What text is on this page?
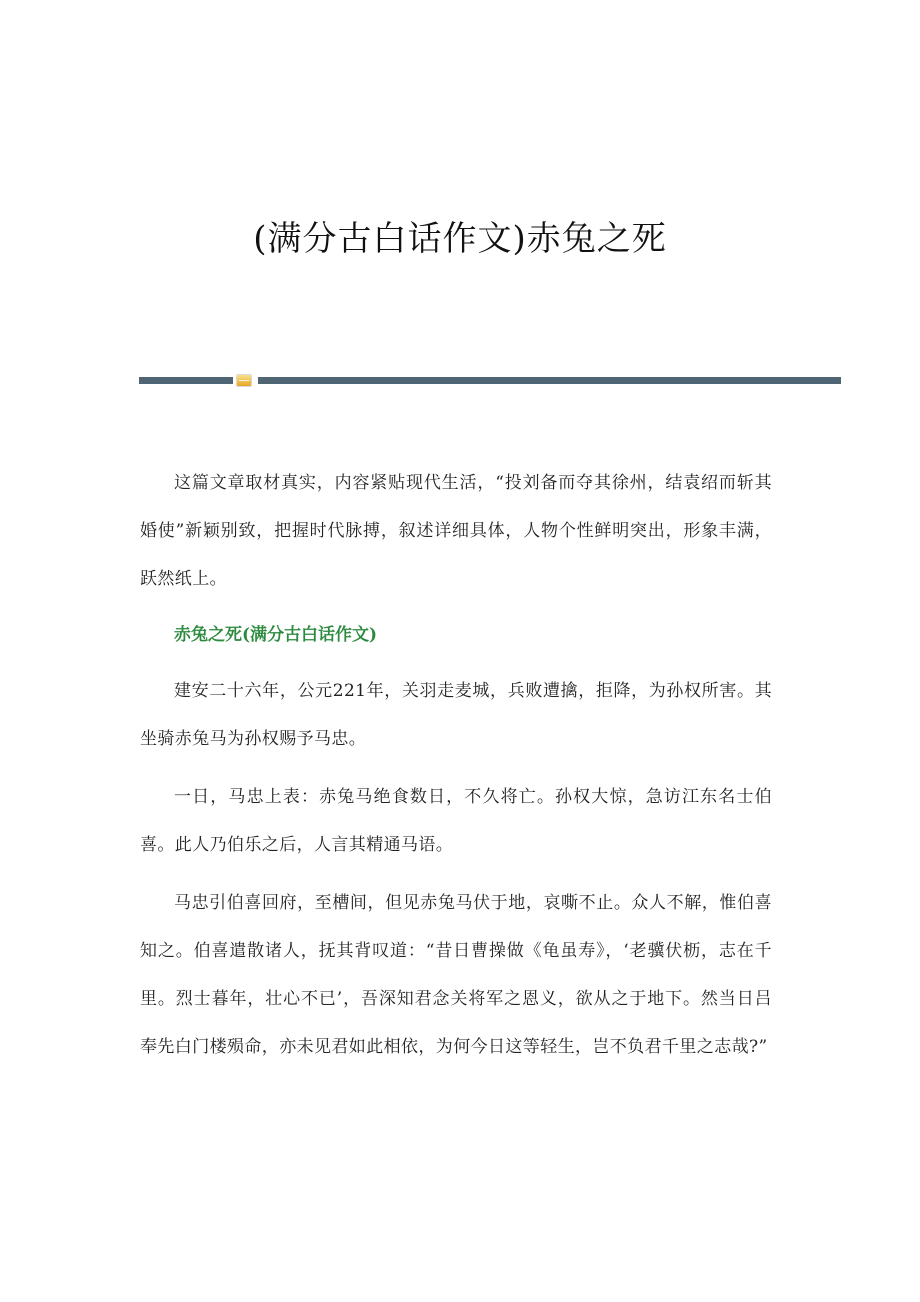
(满分古白话作文)赤兔之死

这篇文章取材真实，内容紧贴现代生活，“投刘备而夺其徐州，结袁绍而斩其婚使”新颖别致，把握时代脉搏，叙述详细具体，人物个性鲜明突出，形象丰满，跃然纸上。

赤兔之死(满分古白话作文)

建安二十六年，公元221年，关羽走麦城，兵败遭擒，拒降，为孙权所害。其坐骑赤兔马为孙权赐予马忠。

一日，马忠上表：赤兔马绝食数日，不久将亡。孙权大惊，急访江东名士伯喜。此人乃伯乐之后，人言其精通马语。

马忠引伯喜回府，至槽间，但见赤兔马伏于地，哀嘶不止。众人不解，惟伯喜知之。伯喜遣散诸人，抚其背叹道：“昔日曹操做《龟虽寿》，‘老骥伏枥，志在千里。烈士暮年，壮心不已’，吾深知君念关将军之恩义，欲从之于地下。然当日吕奉先白门楼殒命，亦未见君如此相依，为何今日这等轻生，岂不负君千里之志哉?”
